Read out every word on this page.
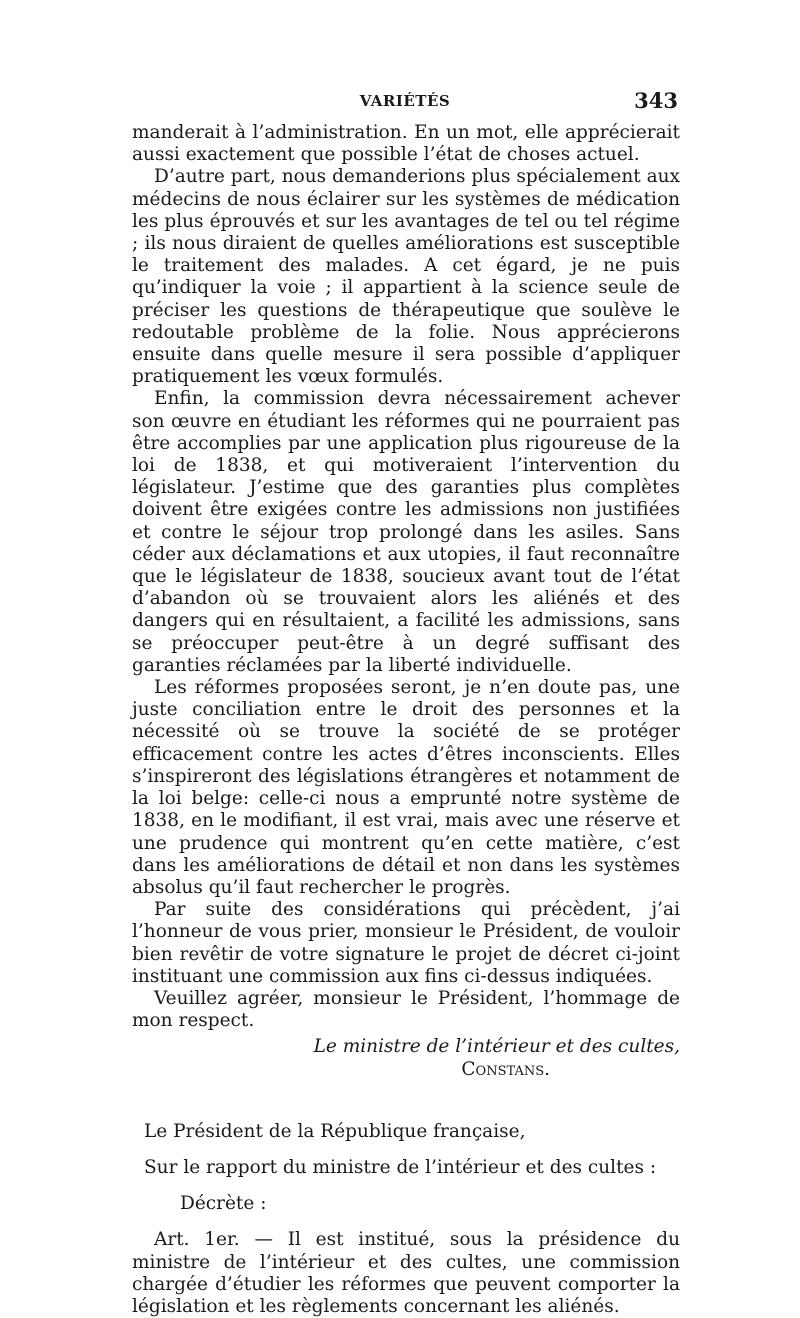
VARIÉTÉS	343

manderait à l’administration. En un mot, elle apprécierait aussi exactement que possible l’état de choses actuel.

D’autre part, nous demanderions plus spécialement aux médecins de nous éclairer sur les systèmes de médication les plus éprouvés et sur les avantages de tel ou tel régime ; ils nous diraient de quelles améliorations est susceptible le traitement des malades. A cet égard, je ne puis qu’indiquer la voie ; il appartient à la science seule de préciser les questions de thérapeutique que soulève le redoutable problème de la folie. Nous apprécierons ensuite dans quelle mesure il sera possible d’appliquer pratiquement les vœux formulés.

Enfin, la commission devra nécessairement achever son œuvre en étudiant les réformes qui ne pourraient pas être accomplies par une application plus rigoureuse de la loi de 1838, et qui motiveraient l’intervention du législateur. J’estime que des garanties plus complètes doivent être exigées contre les admissions non justifiées et contre le séjour trop prolongé dans les asiles. Sans céder aux déclamations et aux utopies, il faut reconnaître que le législateur de 1838, soucieux avant tout de l’état d’abandon où se trouvaient alors les aliénés et des dangers qui en résultaient, a facilité les admissions, sans se préoccuper peut-être à un degré suffisant des garanties réclamées par la liberté individuelle.

Les réformes proposées seront, je n’en doute pas, une juste conciliation entre le droit des personnes et la nécessité où se trouve la société de se protéger efficacement contre les actes d’êtres inconscients. Elles s’inspireront des législations étrangères et notamment de la loi belge: celle-ci nous a emprunté notre système de 1838, en le modifiant, il est vrai, mais avec une réserve et une prudence qui montrent qu’en cette matière, c’est dans les améliorations de détail et non dans les systèmes absolus qu’il faut rechercher le progrès.

Par suite des considérations qui précèdent, j’ai l’honneur de vous prier, monsieur le Président, de vouloir bien revêtir de votre signature le projet de décret ci-joint instituant une commission aux fins ci-dessus indiquées.

Veuillez agréer, monsieur le Président, l’hommage de mon respect.

Le ministre de l’intérieur et des cultes,
Constans.

Le Président de la République française,

Sur le rapport du ministre de l’intérieur et des cultes :

Décrète :

Art. 1er. — Il est institué, sous la présidence du ministre de l’intérieur et des cultes, une commission chargée d’étudier les réformes que peuvent comporter la législation et les règlements concernant les aliénés.
